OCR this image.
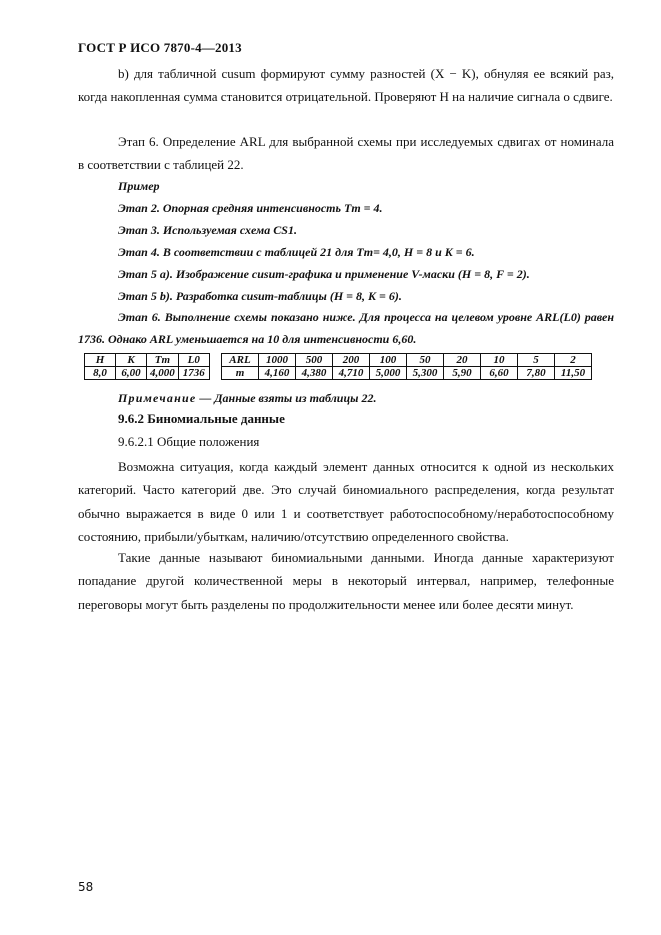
ГОСТ Р ИСО 7870-4—2013
b) для табличной cusum формируют сумму разностей (X − K), обнуляя ее всякий раз, когда накопленная сумма становится отрицательной. Проверяют H на наличие сигнала о сдвиге.
Этап 6. Определение ARL для выбранной схемы при исследуемых сдвигах от номинала в соответствии с таблицей 22.
Пример
Этап 2. Опорная средняя интенсивность Tm = 4.
Этап 3. Используемая схема CS1.
Этап 4. В соответствии с таблицей 21 для Tm= 4,0, H = 8 и K = 6.
Этап 5 а). Изображение cusum-графика и применение V-маски (H = 8, F = 2).
Этап 5 b). Разработка cusum-таблицы (H = 8, K = 6).
Этап 6. Выполнение схемы показано ниже. Для процесса на целевом уровне ARL(L0) равен 1736. Однако ARL уменьшается на 10 для интенсивности 6,60.
H	K	Tm	L0
8,0	6,00	4,000	1736
ARL	1000	500	200	100	50	20	10	5	2
m	4,160	4,380	4,710	5,000	5,300	5,90	6,60	7,80	11,50
Примечание — Данные взяты из таблицы 22.
9.6.2 Биномиальные данные
9.6.2.1 Общие положения
Возможна ситуация, когда каждый элемент данных относится к одной из нескольких категорий. Часто категорий две. Это случай биномиального распределения, когда результат обычно выражается в виде 0 или 1 и соответствует работоспособному/неработоспособному состоянию, прибыли/убыткам, наличию/отсутствию определенного свойства.
Такие данные называют биномиальными данными. Иногда данные характеризуют попадание другой количественной меры в некоторый интервал, например, телефонные переговоры могут быть разделены по продолжительности менее или более десяти минут.
58
